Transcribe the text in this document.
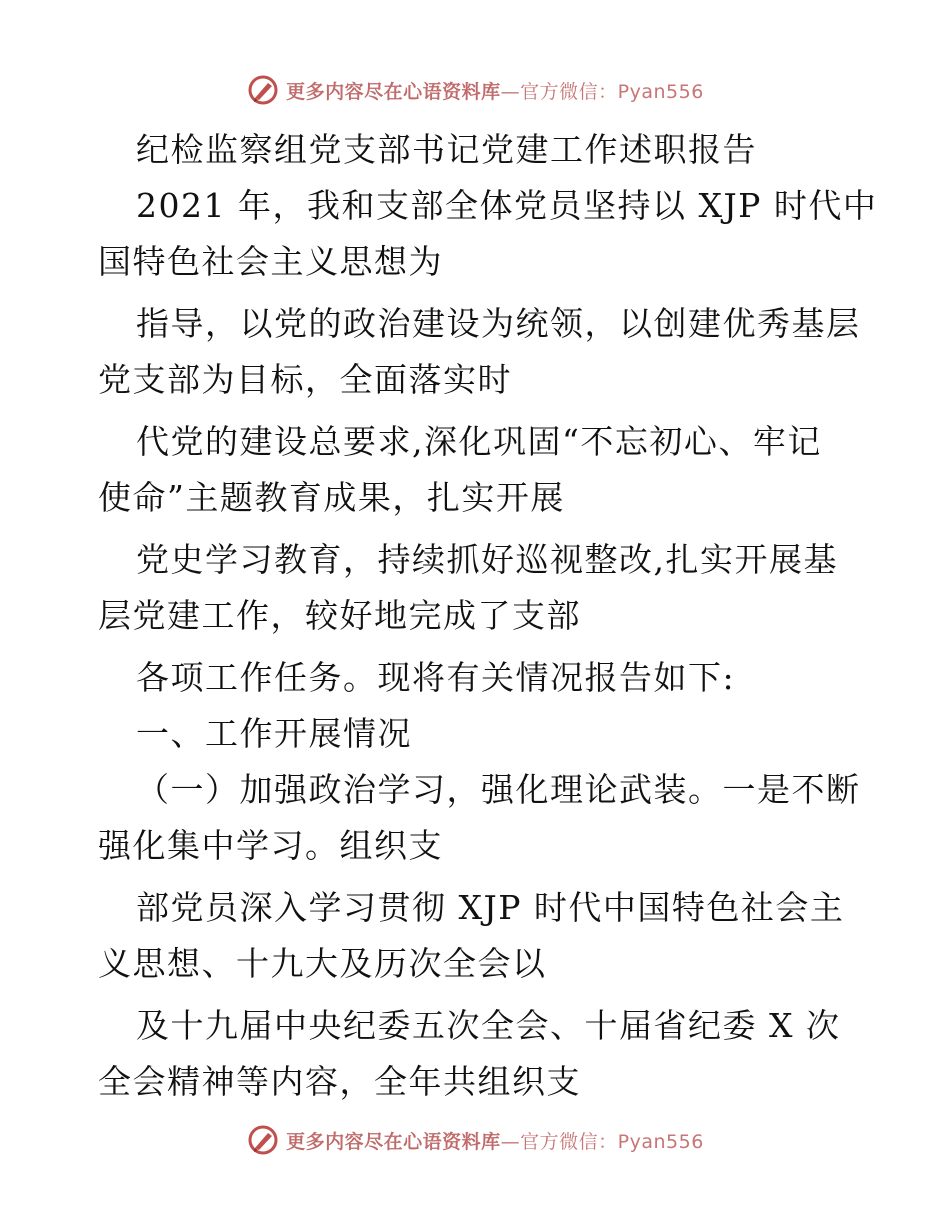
更多内容尽在心语资料库—官方微信：Pyan556
纪检监察组党支部书记党建工作述职报告
2021 年，我和支部全体党员坚持以 XJP 时代中
国特色社会主义思想为
指导，以党的政治建设为统领，以创建优秀基层
党支部为目标，全面落实时
代党的建设总要求,深化巩固“不忘初心、牢记
使命”主题教育成果，扎实开展
党史学习教育，持续抓好巡视整改,扎实开展基
层党建工作，较好地完成了支部
各项工作任务。现将有关情况报告如下:
一、工作开展情况
（一）加强政治学习，强化理论武装。一是不断
强化集中学习。组织支
部党员深入学习贯彻 XJP 时代中国特色社会主
义思想、十九大及历次全会以
及十九届中央纪委五次全会、十届省纪委 X 次
全会精神等内容，全年共组织支
更多内容尽在心语资料库—官方微信：Pyan556
